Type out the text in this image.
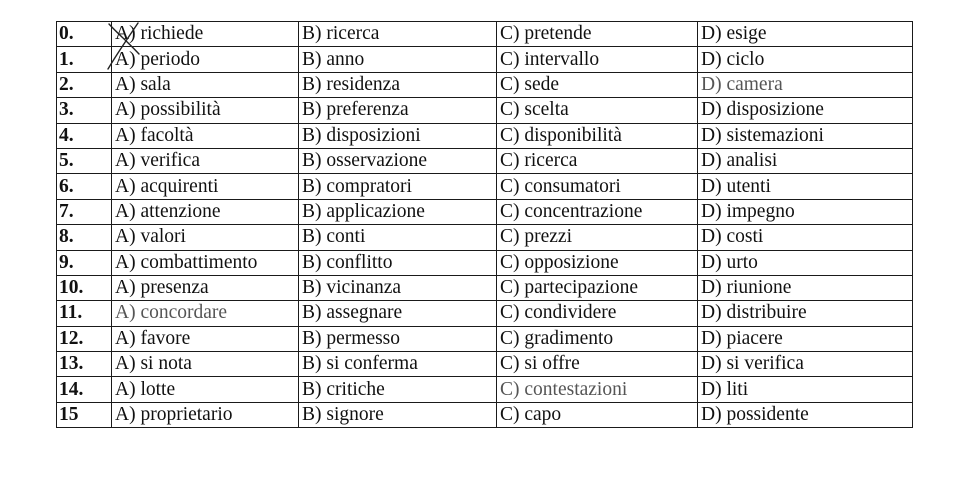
0.	A) richiede	B) ricerca	C) pretende	D) esige
1.	A) periodo	B) anno	C) intervallo	D) ciclo
2.	A) sala	B) residenza	C) sede	D) camera
3.	A) possibilità	B) preferenza	C) scelta	D) disposizione
4.	A) facoltà	B) disposizioni	C) disponibilità	D) sistemazioni
5.	A) verifica	B) osservazione	C) ricerca	D) analisi
6.	A) acquirenti	B) compratori	C) consumatori	D) utenti
7.	A) attenzione	B) applicazione	C) concentrazione	D) impegno
8.	A) valori	B) conti	C) prezzi	D) costi
9.	A) combattimento	B) conflitto	C) opposizione	D) urto
10.	A) presenza	B) vicinanza	C) partecipazione	D) riunione
11.	A) concordare	B) assegnare	C) condividere	D) distribuire
12.	A) favore	B) permesso	C) gradimento	D) piacere
13.	A) si nota	B) si conferma	C) si offre	D) si verifica
14.	A) lotte	B) critiche	C) contestazioni	D) liti
15	A) proprietario	B) signore	C) capo	D) possidente
